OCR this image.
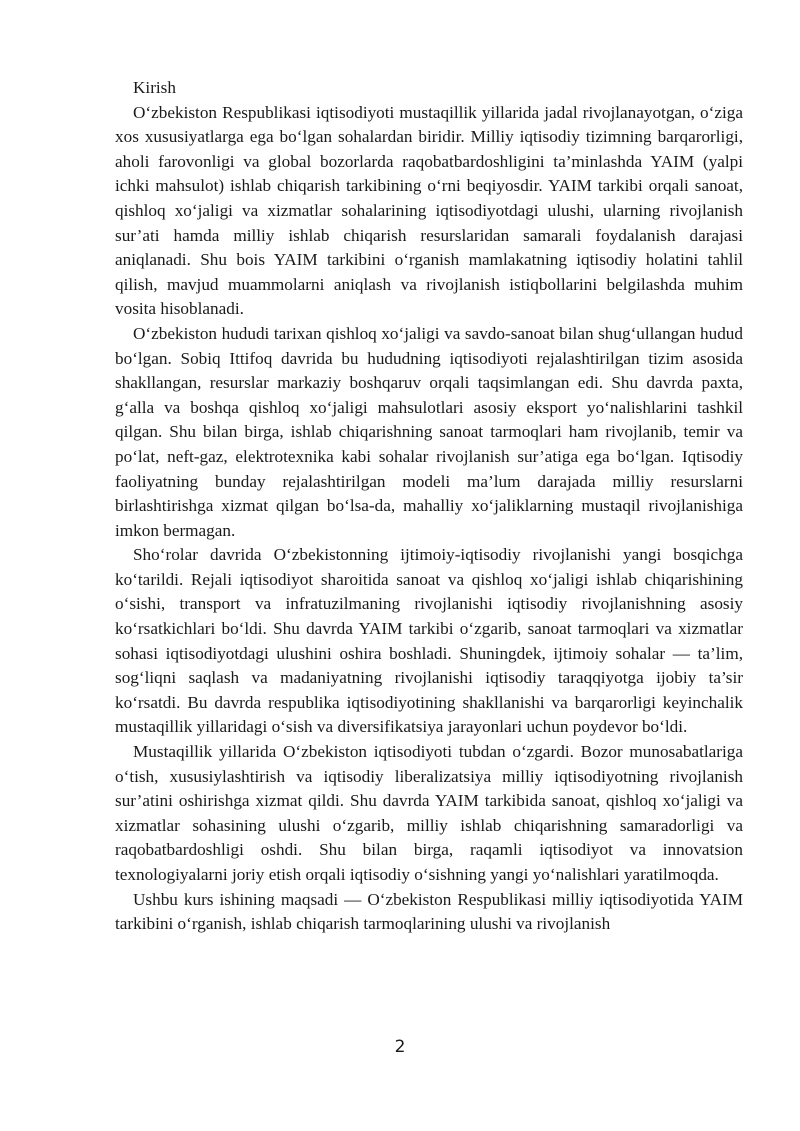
Kirish

O‘zbekiston Respublikasi iqtisodiyoti mustaqillik yillarida jadal rivojlanayotgan, o‘ziga xos xususiyatlarga ega bo‘lgan sohalardan biridir. Milliy iqtisodiy tizimning barqarorligi, aholi farovonligi va global bozorlarda raqobatbardoshligini ta’minlashda YAIM (yalpi ichki mahsulot) ishlab chiqarish tarkibining o‘rni beqiyosdir. YAIM tarkibi orqali sanoat, qishloq xo‘jaligi va xizmatlar sohalarining iqtisodiyotdagi ulushi, ularning rivojlanish sur’ati hamda milliy ishlab chiqarish resurslaridan samarali foydalanish darajasi aniqlanadi. Shu bois YAIM tarkibini o‘rganish mamlakatning iqtisodiy holatini tahlil qilish, mavjud muammolarni aniqlash va rivojlanish istiqbollarini belgilashda muhim vosita hisoblanadi.

O‘zbekiston hududi tarixan qishloq xo‘jaligi va savdo-sanoat bilan shug‘ullangan hudud bo‘lgan. Sobiq Ittifoq davrida bu hududning iqtisodiyoti rejalashtirilgan tizim asosida shakllangan, resurslar markaziy boshqaruv orqali taqsimlangan edi. Shu davrda paxta, g‘alla va boshqa qishloq xo‘jaligi mahsulotlari asosiy eksport yo‘nalishlarini tashkil qilgan. Shu bilan birga, ishlab chiqarishning sanoat tarmoqlari ham rivojlanib, temir va po‘lat, neft-gaz, elektrotexnika kabi sohalar rivojlanish sur’atiga ega bo‘lgan. Iqtisodiy faoliyatning bunday rejalashtirilgan modeli ma’lum darajada milliy resurslarni birlashtirishga xizmat qilgan bo‘lsa-da, mahalliy xo‘jaliklarning mustaqil rivojlanishiga imkon bermagan.

Sho‘rolar davrida O‘zbekistonning ijtimoiy-iqtisodiy rivojlanishi yangi bosqichga ko‘tarildi. Rejali iqtisodiyot sharoitida sanoat va qishloq xo‘jaligi ishlab chiqarishining o‘sishi, transport va infratuzilmaning rivojlanishi iqtisodiy rivojlanishning asosiy ko‘rsatkichlari bo‘ldi. Shu davrda YAIM tarkibi o‘zgarib, sanoat tarmoqlari va xizmatlar sohasi iqtisodiyotdagi ulushini oshira boshladi. Shuningdek, ijtimoiy sohalar — ta’lim, sog‘liqni saqlash va madaniyatning rivojlanishi iqtisodiy taraqqiyotga ijobiy ta’sir ko‘rsatdi. Bu davrda respublika iqtisodiyotining shakllanishi va barqarorligi keyinchalik mustaqillik yillaridagi o‘sish va diversifikatsiya jarayonlari uchun poydevor bo‘ldi.

Mustaqillik yillarida O‘zbekiston iqtisodiyoti tubdan o‘zgardi. Bozor munosabatlariga o‘tish, xususiylashtirish va iqtisodiy liberalizatsiya milliy iqtisodiyotning rivojlanish sur’atini oshirishga xizmat qildi. Shu davrda YAIM tarkibida sanoat, qishloq xo‘jaligi va xizmatlar sohasining ulushi o‘zgarib, milliy ishlab chiqarishning samaradorligi va raqobatbardoshligi oshdi. Shu bilan birga, raqamli iqtisodiyot va innovatsion texnologiyalarni joriy etish orqali iqtisodiy o‘sishning yangi yo‘nalishlari yaratilmoqda.

Ushbu kurs ishining maqsadi — O‘zbekiston Respublikasi milliy iqtisodiyotida YAIM tarkibini o‘rganish, ishlab chiqarish tarmoqlarining ulushi va rivojlanish

2
